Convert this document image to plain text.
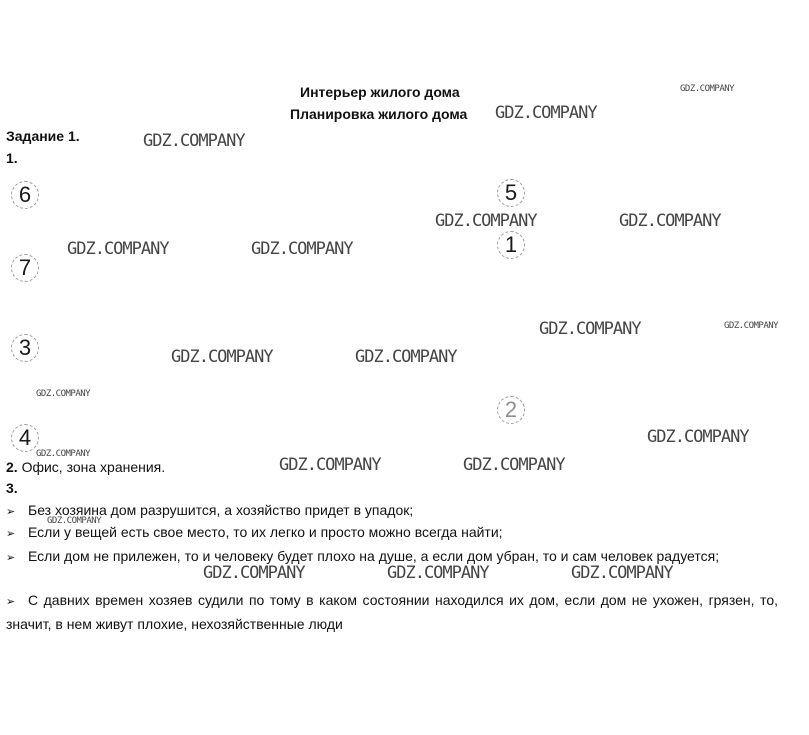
Интерьер жилого дома
Планировка жилого дома
Задание 1.
1.
6	5
1
7
3
2
4
2. Офис, зона хранения.
3.
➢ Без хозяина дом разрушится, а хозяйство придет в упадок;
➢ Если у вещей есть свое место, то их легко и просто можно всегда найти;
➢ Если дом не прилежен, то и человеку будет плохо на душе, а если дом убран, то и сам человек радуется;
➢ С давних времен хозяев судили по тому в каком состоянии находился их дом, если дом не ухожен, грязен, то, значит, в нем живут плохие, нехозяйственные люди
GDZ.COMPANY
GDZ.COMPANY
GDZ.COMPANY
GDZ.COMPANY	GDZ.COMPANY
GDZ.COMPANY	GDZ.COMPANY
GDZ.COMPANY	GDZ.COMPANY
GDZ.COMPANY	GDZ.COMPANY
GDZ.COMPANY
GDZ.COMPANY
GDZ.COMPANY
GDZ.COMPANY	GDZ.COMPANY
GDZ.COMPANY
GDZ.COMPANY	GDZ.COMPANY	GDZ.COMPANY
